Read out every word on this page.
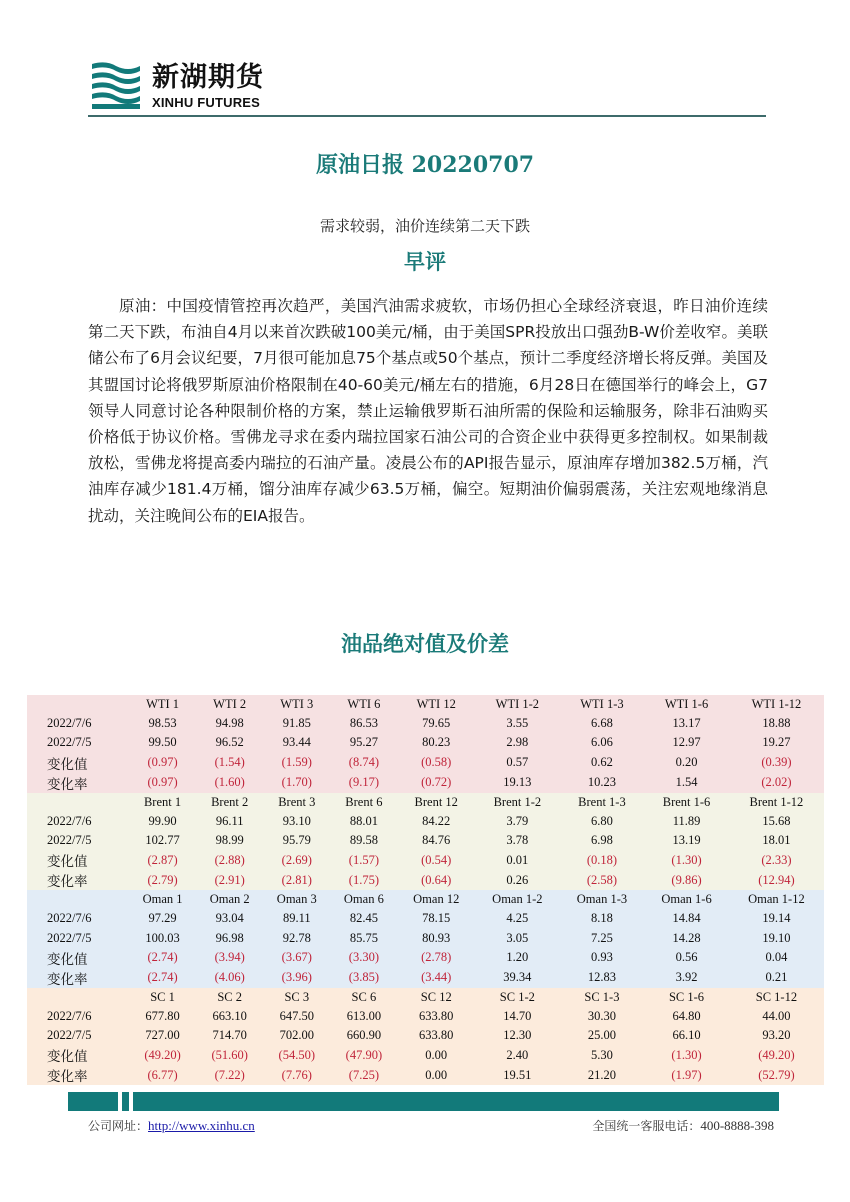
新湖期货
XINHU FUTURES
原油日报 20220707
需求较弱，油价连续第二天下跌
早评
原油：中国疫情管控再次趋严，美国汽油需求疲软，市场仍担心全球经济衰退，昨日油价连续第二天下跌，布油自4月以来首次跌破100美元/桶，由于美国SPR投放出口强劲B-W价差收窄。美联储公布了6月会议纪要，7月很可能加息75个基点或50个基点，预计二季度经济增长将反弹。美国及其盟国讨论将俄罗斯原油价格限制在40-60美元/桶左右的措施，6月28日在德国举行的峰会上，G7领导人同意讨论各种限制价格的方案，禁止运输俄罗斯石油所需的保险和运输服务，除非石油购买价格低于协议价格。雪佛龙寻求在委内瑞拉国家石油公司的合资企业中获得更多控制权。如果制裁放松，雪佛龙将提高委内瑞拉的石油产量。凌晨公布的API报告显示，原油库存增加382.5万桶，汽油库存减少181.4万桶，馏分油库存减少63.5万桶，偏空。短期油价偏弱震荡，关注宏观地缘消息扰动，关注晚间公布的EIA报告。
油品绝对值及价差
	WTI 1	WTI 2	WTI 3	WTI 6	WTI 12	WTI 1-2	WTI 1-3	WTI 1-6	WTI 1-12
2022/7/6	98.53	94.98	91.85	86.53	79.65	3.55	6.68	13.17	18.88
2022/7/5	99.50	96.52	93.44	95.27	80.23	2.98	6.06	12.97	19.27
变化值	(0.97)	(1.54)	(1.59)	(8.74)	(0.58)	0.57	0.62	0.20	(0.39)
变化率	(0.97)	(1.60)	(1.70)	(9.17)	(0.72)	19.13	10.23	1.54	(2.02)
	Brent 1	Brent 2	Brent 3	Brent 6	Brent 12	Brent 1-2	Brent 1-3	Brent 1-6	Brent 1-12
2022/7/6	99.90	96.11	93.10	88.01	84.22	3.79	6.80	11.89	15.68
2022/7/5	102.77	98.99	95.79	89.58	84.76	3.78	6.98	13.19	18.01
变化值	(2.87)	(2.88)	(2.69)	(1.57)	(0.54)	0.01	(0.18)	(1.30)	(2.33)
变化率	(2.79)	(2.91)	(2.81)	(1.75)	(0.64)	0.26	(2.58)	(9.86)	(12.94)
	Oman 1	Oman 2	Oman 3	Oman 6	Oman 12	Oman 1-2	Oman 1-3	Oman 1-6	Oman 1-12
2022/7/6	97.29	93.04	89.11	82.45	78.15	4.25	8.18	14.84	19.14
2022/7/5	100.03	96.98	92.78	85.75	80.93	3.05	7.25	14.28	19.10
变化值	(2.74)	(3.94)	(3.67)	(3.30)	(2.78)	1.20	0.93	0.56	0.04
变化率	(2.74)	(4.06)	(3.96)	(3.85)	(3.44)	39.34	12.83	3.92	0.21
	SC 1	SC 2	SC 3	SC 6	SC 12	SC 1-2	SC 1-3	SC 1-6	SC 1-12
2022/7/6	677.80	663.10	647.50	613.00	633.80	14.70	30.30	64.80	44.00
2022/7/5	727.00	714.70	702.00	660.90	633.80	12.30	25.00	66.10	93.20
变化值	(49.20)	(51.60)	(54.50)	(47.90)	0.00	2.40	5.30	(1.30)	(49.20)
变化率	(6.77)	(7.22)	(7.76)	(7.25)	0.00	19.51	21.20	(1.97)	(52.79)
公司网址：http://www.xinhu.cn	全国统一客服电话：400-8888-398
